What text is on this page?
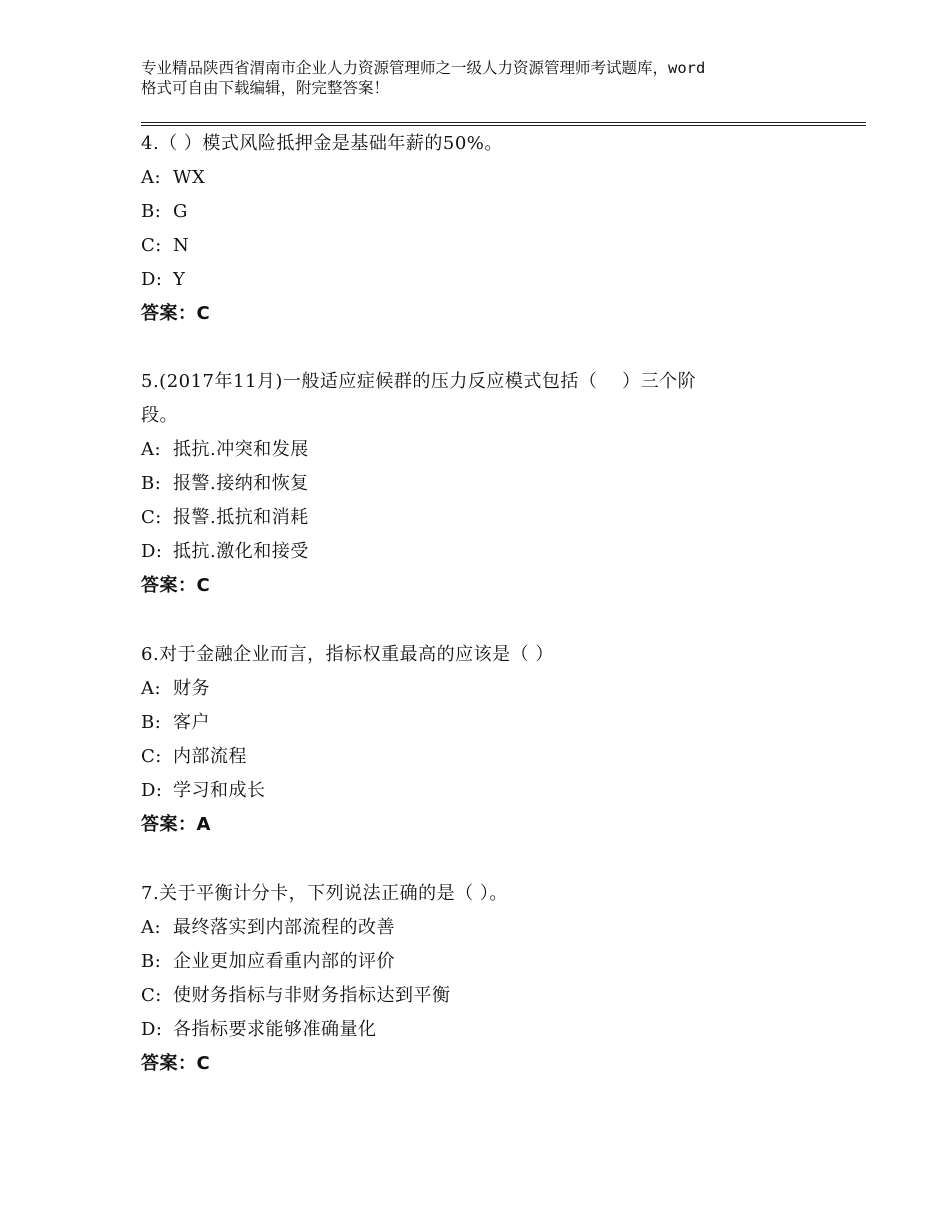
专业精品陕西省渭南市企业人力资源管理师之一级人力资源管理师考试题库，word
格式可自由下载编辑，附完整答案！

4.（ ）模式风险抵押金是基础年薪的50%。

A: WX

B: G

C: N

D: Y

答案：C

5.(2017年11月)一般适应症候群的压力反应模式包括（　 ）三个阶

段。

A: 抵抗.冲突和发展

B: 报警.接纳和恢复

C: 报警.抵抗和消耗

D: 抵抗.激化和接受

答案：C

6.对于金融企业而言，指标权重最高的应该是（ ）

A: 财务

B: 客户

C: 内部流程

D: 学习和成长

答案：A

7.关于平衡计分卡，下列说法正确的是（ ）。

A: 最终落实到内部流程的改善

B: 企业更加应看重内部的评价

C: 使财务指标与非财务指标达到平衡

D: 各指标要求能够准确量化

答案：C
